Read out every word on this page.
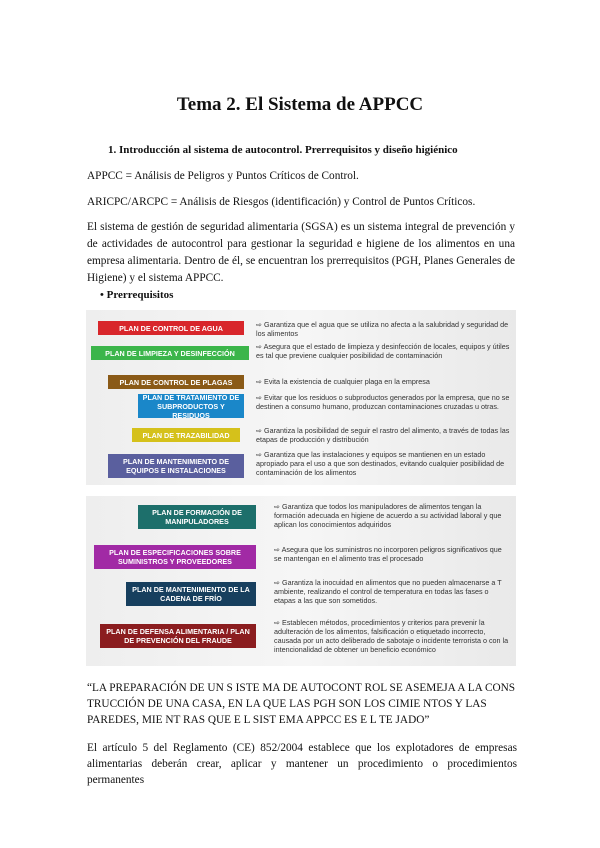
Tema 2. El Sistema de APPCC
1. Introducción al sistema de autocontrol. Prerrequisitos y diseño higiénico
APPCC = Análisis de Peligros y Puntos Críticos de Control.
ARICPC/ARCPC = Análisis de Riesgos (identificación) y Control de Puntos Críticos.
El sistema de gestión de seguridad alimentaria (SGSA) es un sistema integral de prevención y de actividades de autocontrol para gestionar la seguridad e higiene de los alimentos en una empresa alimentaria. Dentro de él, se encuentran los prerrequisitos (PGH, Planes Generales de Higiene) y el sistema APPCC.
• Prerrequisitos
PLAN DE CONTROL DE AGUA	⇨ Garantiza que el agua que se utiliza no afecta a la salubridad y seguridad de los alimentos
PLAN DE LIMPIEZA Y DESINFECCIÓN
⇨ Asegura que el estado de limpieza y desinfección de locales, equipos y útiles es tal que previene cualquier posibilidad de contaminación
PLAN DE CONTROL DE PLAGAS	⇨ Evita la existencia de cualquier plaga en la empresa
PLAN DE TRATAMIENTO DE SUBPRODUCTOS Y RESIDUOS
⇨ Evitar que los residuos o subproductos generados por la empresa, que no se destinen a consumo humano, produzcan contaminaciones cruzadas u otras.
PLAN DE TRAZABILIDAD	⇨ Garantiza la posibilidad de seguir el rastro del alimento, a través de todas las etapas de producción y distribución
PLAN DE MANTENIMIENTO DE EQUIPOS E INSTALACIONES
⇨ Garantiza que las instalaciones y equipos se mantienen en un estado apropiado para el uso a que son destinados, evitando cualquier posibilidad de contaminación de los alimentos
PLAN DE FORMACIÓN DE MANIPULADORES
⇨ Garantiza que todos los manipuladores de alimentos tengan la formación adecuada en higiene de acuerdo a su actividad laboral y que aplican los conocimientos adquiridos
PLAN DE ESPECIFICACIONES SOBRE SUMINISTROS Y PROVEEDORES
⇨ Asegura que los suministros no incorporen peligros significativos que se mantengan en el alimento tras el procesado
PLAN DE MANTENIMIENTO DE LA CADENA DE FRÍO
⇨ Garantiza la inocuidad en alimentos que no pueden almacenarse a T ambiente, realizando el control de temperatura en todas las fases o etapas a las que son sometidos.
PLAN DE DEFENSA ALIMENTARIA / PLAN DE PREVENCIÓN DEL FRAUDE
⇨ Establecen métodos, procedimientos y criterios para prevenir la adulteración de los alimentos, falsificación o etiquetado incorrecto, causada por un acto deliberado de sabotaje o incidente terrorista o con la intencionalidad de obtener un beneficio económico
“LA PREPARACIÓN DE UN S ISTE MA DE AUTOCONT ROL SE ASEMEJA A LA CONS TRUCCIÓN DE UNA CASA, EN LA QUE LAS PGH SON LOS CIMIE NTOS Y LAS PAREDES, MIE NT RAS QUE E L SIST EMA APPCC ES E L TE JADO”
El artículo 5 del Reglamento (CE) 852/2004 establece que los explotadores de empresas alimentarias deberán crear, aplicar y mantener un procedimiento o procedimientos permanentes
